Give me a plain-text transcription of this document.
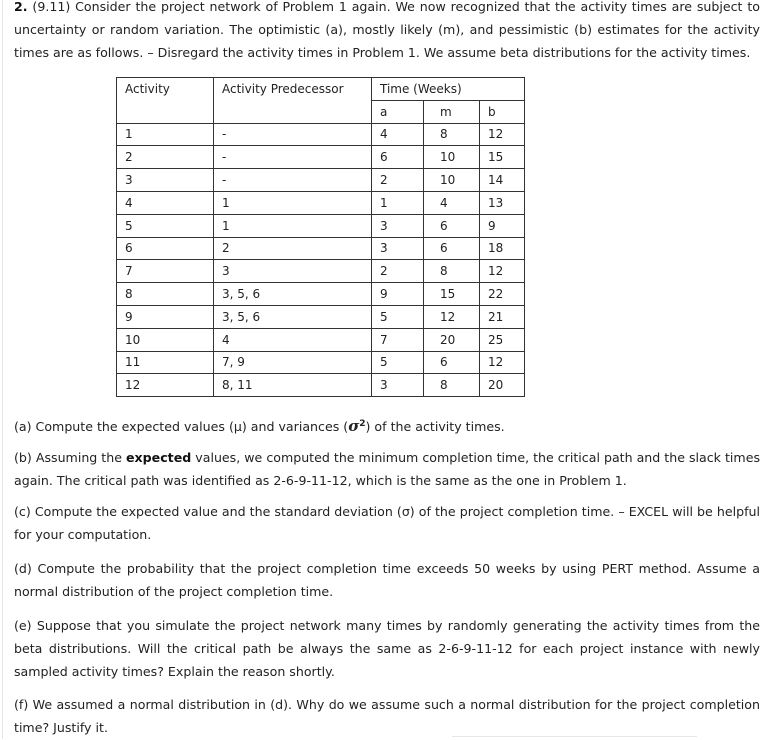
2. (9.11) Consider the project network of Problem 1 again. We now recognized that the activity times are subject to uncertainty or random variation. The optimistic (a), mostly likely (m), and pessimistic (b) estimates for the activity times are as follows. – Disregard the activity times in Problem 1. We assume beta distributions for the activity times.

Activity	Activity Predecessor	Time (Weeks)		
		a	m	b
1	-	4	8	12
2	-	6	10	15
3	-	2	10	14
4	1	1	4	13
5	1	3	6	9
6	2	3	6	18
7	3	2	8	12
8	3, 5, 6	9	15	22
9	3, 5, 6	5	12	21
10	4	7	20	25
11	7, 9	5	6	12
12	8, 11	3	8	20

(a) Compute the expected values (μ) and variances $(\sigma^2)$ of the activity times.

(b) Assuming the expected values, we computed the minimum completion time, the critical path and the slack times again. The critical path was identified as 2-6-9-11-12, which is the same as the one in Problem 1.

(c) Compute the expected value and the standard deviation (σ) of the project completion time. – EXCEL will be helpful for your computation.

(d) Compute the probability that the project completion time exceeds 50 weeks by using PERT method. Assume a normal distribution of the project completion time.

(e) Suppose that you simulate the project network many times by randomly generating the activity times from the beta distributions. Will the critical path be always the same as 2-6-9-11-12 for each project instance with newly sampled activity times? Explain the reason shortly.

(f) We assumed a normal distribution in (d). Why do we assume such a normal distribution for the project completion time? Justify it.
